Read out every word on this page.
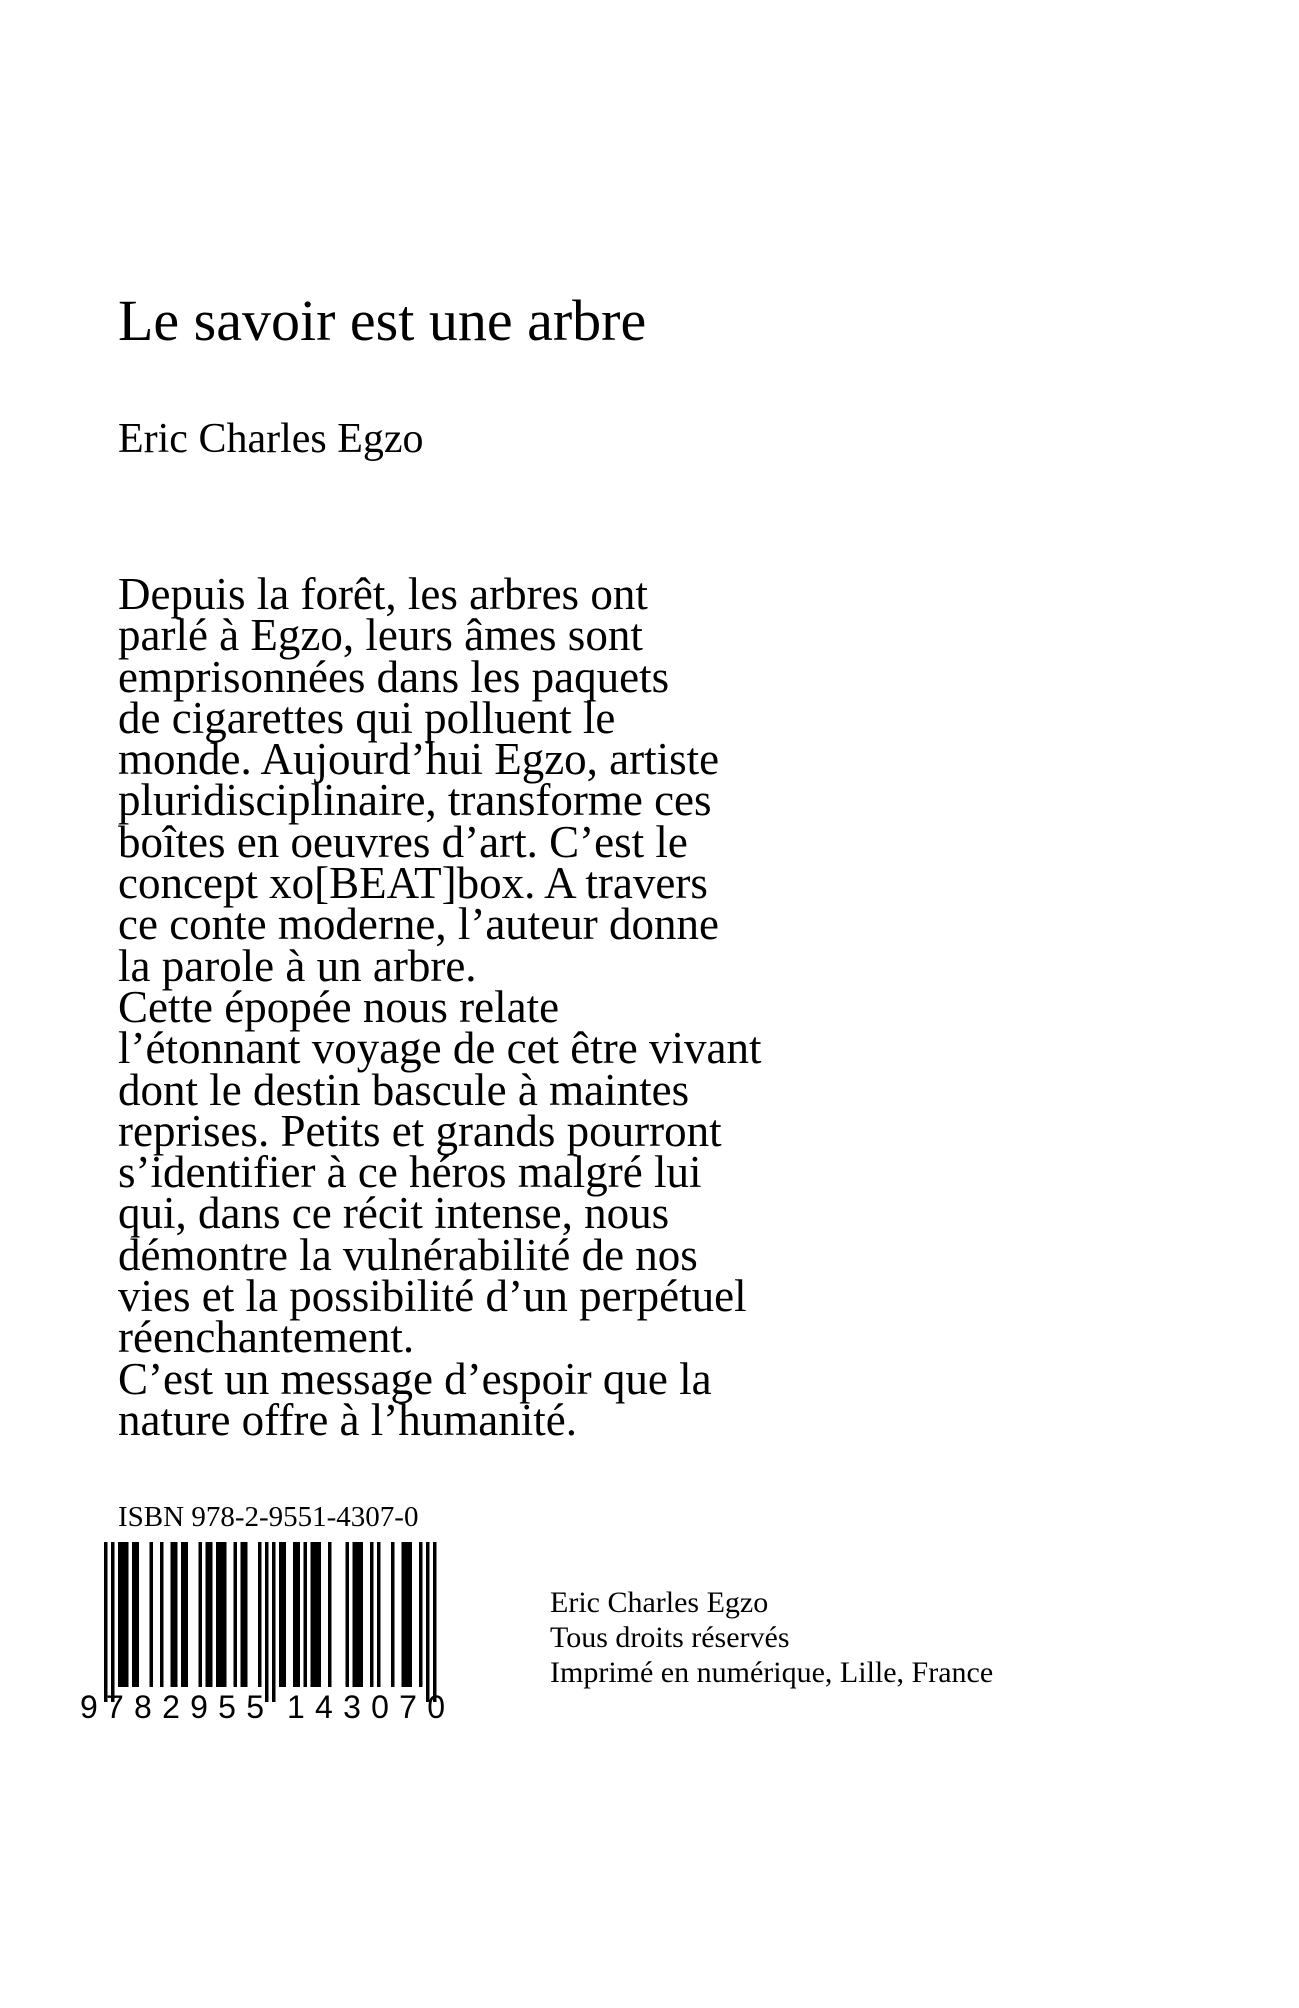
Le savoir est une arbre
Eric Charles Egzo
Depuis la forêt, les arbres ont
parlé à Egzo, leurs âmes sont
emprisonnées dans les paquets
de cigarettes qui polluent le
monde. Aujourd’hui Egzo, artiste
pluridisciplinaire, transforme ces
boîtes en oeuvres d’art. C’est le
concept xo[BEAT]box. A travers
ce conte moderne, l’auteur donne
la parole à un arbre.
Cette épopée nous relate
l’étonnant voyage de cet être vivant
dont le destin bascule à maintes
reprises. Petits et grands pourront
s’identifier à ce héros malgré lui
qui, dans ce récit intense, nous
démontre la vulnérabilité de nos
vies et la possibilité d’un perpétuel
réenchantement.
C’est un message d’espoir que la
nature offre à l’humanité.
ISBN 978-2-9551-4307-0
9 782955 143070
Eric Charles Egzo
Tous droits réservés
Imprimé en numérique, Lille, France
